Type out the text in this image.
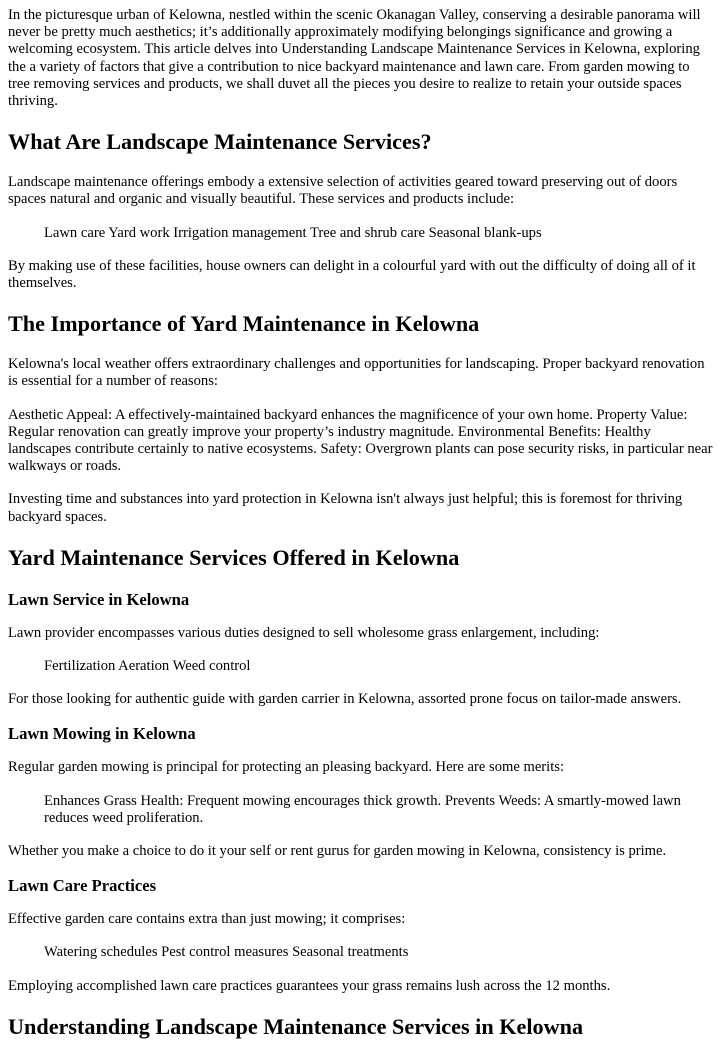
In the picturesque urban of Kelowna, nestled within the scenic Okanagan Valley, conserving a desirable panorama will never be pretty much aesthetics; it’s additionally approximately modifying belongings significance and growing a welcoming ecosystem. This article delves into Understanding Landscape Maintenance Services in Kelowna, exploring the a variety of factors that give a contribution to nice backyard maintenance and lawn care. From garden mowing to tree removing services and products, we shall duvet all the pieces you desire to realize to retain your outside spaces thriving.

What Are Landscape Maintenance Services?

Landscape maintenance offerings embody a extensive selection of activities geared toward preserving out of doors spaces natural and organic and visually beautiful. These services and products include:

Lawn care Yard work Irrigation management Tree and shrub care Seasonal blank-ups

By making use of these facilities, house owners can delight in a colourful yard with out the difficulty of doing all of it themselves.

The Importance of Yard Maintenance in Kelowna

Kelowna's local weather offers extraordinary challenges and opportunities for landscaping. Proper backyard renovation is essential for a number of reasons:

Aesthetic Appeal: A effectively-maintained backyard enhances the magnificence of your own home. Property Value: Regular renovation can greatly improve your property’s industry magnitude. Environmental Benefits: Healthy landscapes contribute certainly to native ecosystems. Safety: Overgrown plants can pose security risks, in particular near walkways or roads.

Investing time and substances into yard protection in Kelowna isn't always just helpful; this is foremost for thriving backyard spaces.

Yard Maintenance Services Offered in Kelowna
Lawn Service in Kelowna

Lawn provider encompasses various duties designed to sell wholesome grass enlargement, including:

Fertilization Aeration Weed control

For those looking for authentic guide with garden carrier in Kelowna, assorted prone focus on tailor-made answers.

Lawn Mowing in Kelowna

Regular garden mowing is principal for protecting an pleasing backyard. Here are some merits:

Enhances Grass Health: Frequent mowing encourages thick growth. Prevents Weeds: A smartly-mowed lawn reduces weed proliferation.

Whether you make a choice to do it your self or rent gurus for garden mowing in Kelowna, consistency is prime.

Lawn Care Practices

Effective garden care contains extra than just mowing; it comprises:

Watering schedules Pest control measures Seasonal treatments

Employing accomplished lawn care practices guarantees your grass remains lush across the 12 months.

Understanding Landscape Maintenance Services in Kelowna
